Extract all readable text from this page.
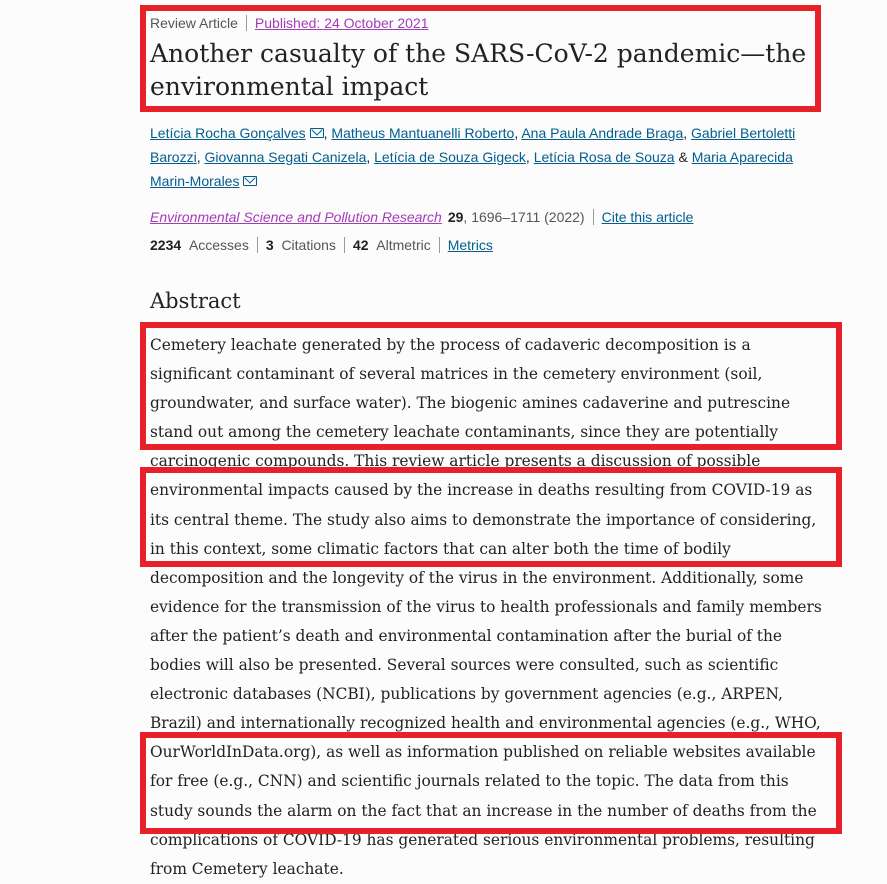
Review Article Published: 24 October 2021
Another casualty of the SARS-CoV-2 pandemic—the environmental impact
Letícia Rocha Gonçalves , Matheus Mantuanelli Roberto, Ana Paula Andrade Braga, Gabriel Bertoletti Barozzi, Giovanna Segati Canizela, Letícia de Souza Gigeck, Letícia Rosa de Souza & Maria Aparecida Marin-Morales
Environmental Science and Pollution Research 29, 1696–1711 (2022) Cite this article
2234 Accesses 3 Citations 42 Altmetric Metrics
Abstract

Cemetery leachate generated by the process of cadaveric decomposition is a significant contaminant of several matrices in the cemetery environment (soil, groundwater, and surface water). The biogenic amines cadaverine and putrescine stand out among the cemetery leachate contaminants, since they are potentially carcinogenic compounds. This review article presents a discussion of possible environmental impacts caused by the increase in deaths resulting from COVID-19 as its central theme. The study also aims to demonstrate the importance of considering, in this context, some climatic factors that can alter both the time of bodily decomposition and the longevity of the virus in the environment. Additionally, some evidence for the transmission of the virus to health professionals and family members after the patient’s death and environmental contamination after the burial of the bodies will also be presented. Several sources were consulted, such as scientific electronic databases (NCBI), publications by government agencies (e.g., ARPEN, Brazil) and internationally recognized health and environmental agencies (e.g., WHO, OurWorldInData.org), as well as information published on reliable websites available for free (e.g., CNN) and scientific journals related to the topic. The data from this study sounds the alarm on the fact that an increase in the number of deaths from the complications of COVID-19 has generated serious environmental problems, resulting from Cemetery leachate.
